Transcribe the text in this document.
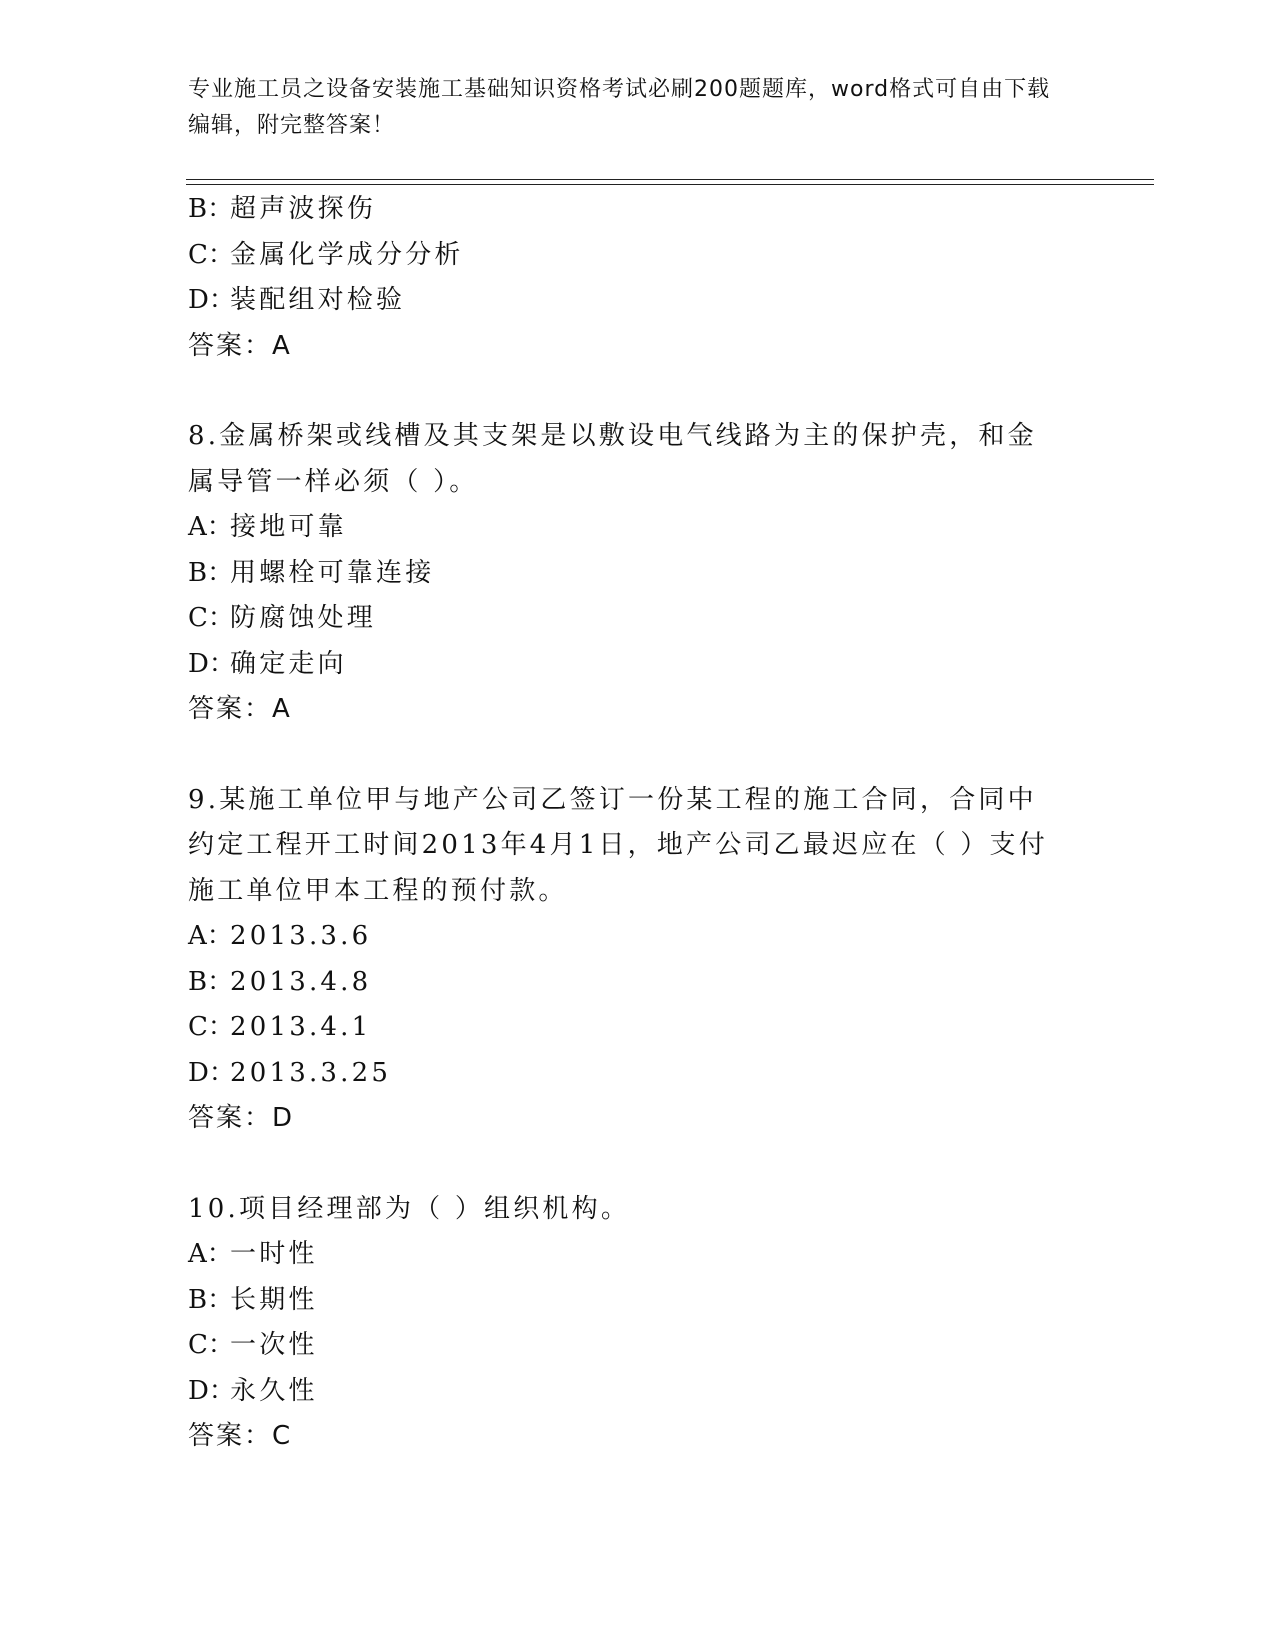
专业施工员之设备安装施工基础知识资格考试必刷200题题库，word格式可自由下载编辑，附完整答案！
B：超声波探伤
C：金属化学成分分析
D：装配组对检验
答案：A
8.金属桥架或线槽及其支架是以敷设电气线路为主的保护壳，和金属导管一样必须（ ）。
A：接地可靠
B：用螺栓可靠连接
C：防腐蚀处理
D：确定走向
答案：A
9.某施工单位甲与地产公司乙签订一份某工程的施工合同，合同中约定工程开工时间2013年4月1日，地产公司乙最迟应在（ ）支付施工单位甲本工程的预付款。
A：2013.3.6
B：2013.4.8
C：2013.4.1
D：2013.3.25
答案：D
10.项目经理部为（ ）组织机构。
A：一时性
B：长期性
C：一次性
D：永久性
答案：C
